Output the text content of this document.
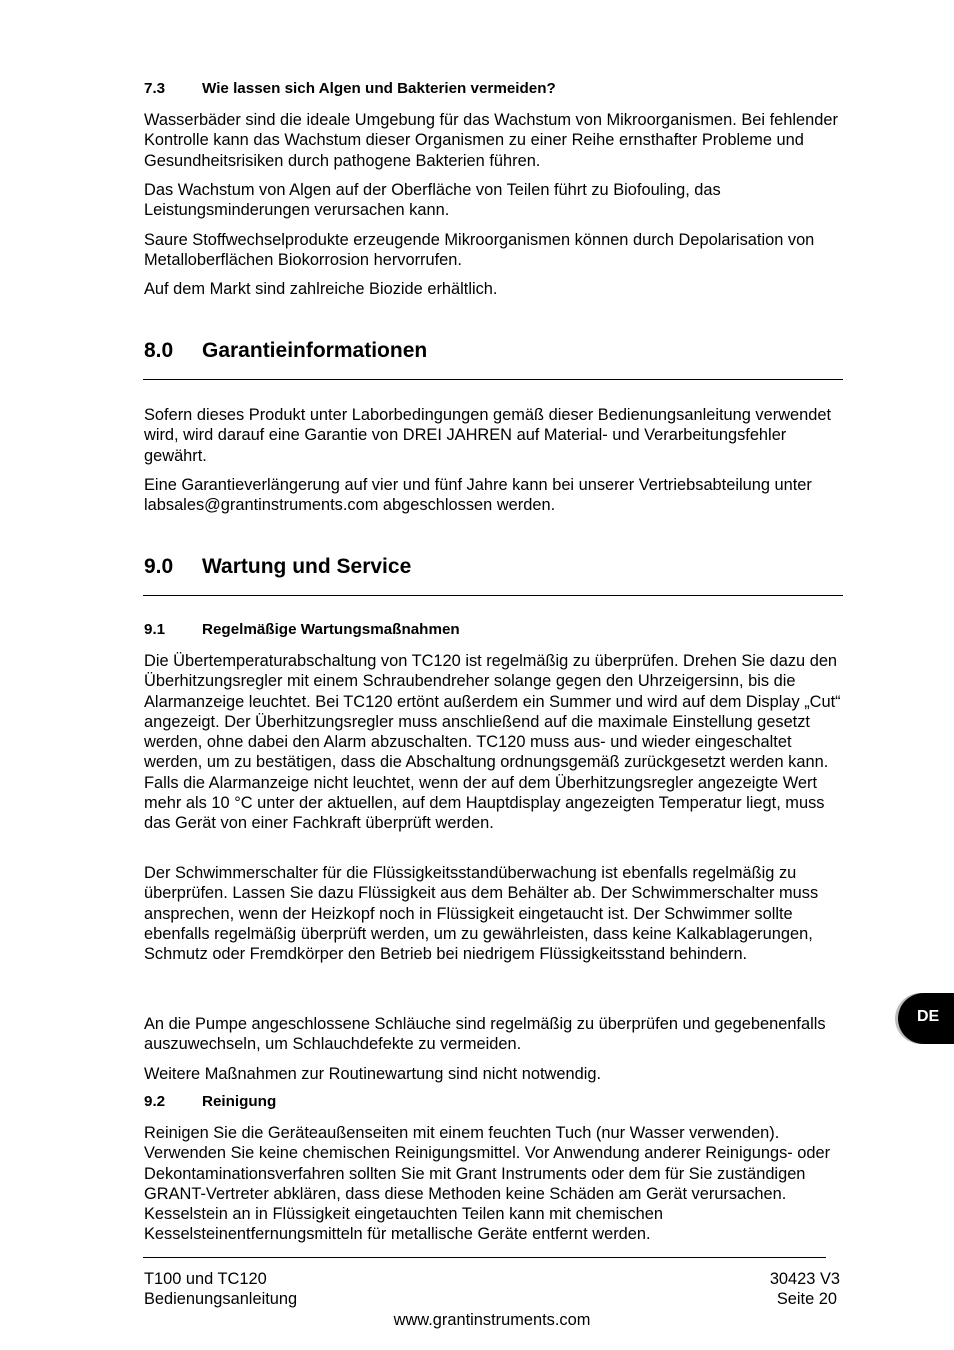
7.3 Wie lassen sich Algen und Bakterien vermeiden?

Wasserbäder sind die ideale Umgebung für das Wachstum von Mikroorganismen. Bei fehlender Kontrolle kann das Wachstum dieser Organismen zu einer Reihe ernsthafter Probleme und Gesundheitsrisiken durch pathogene Bakterien führen.

Das Wachstum von Algen auf der Oberfläche von Teilen führt zu Biofouling, das Leistungsminderungen verursachen kann.

Saure Stoffwechselprodukte erzeugende Mikroorganismen können durch Depolarisation von Metalloberflächen Biokorrosion hervorrufen.

Auf dem Markt sind zahlreiche Biozide erhältlich.

8.0 Garantieinformationen

Sofern dieses Produkt unter Laborbedingungen gemäß dieser Bedienungsanleitung verwendet wird, wird darauf eine Garantie von DREI JAHREN auf Material- und Verarbeitungsfehler gewährt.

Eine Garantieverlängerung auf vier und fünf Jahre kann bei unserer Vertriebsabteilung unter labsales@grantinstruments.com abgeschlossen werden.

9.0 Wartung und Service
9.1 Regelmäßige Wartungsmaßnahmen

Die Übertemperaturabschaltung von TC120 ist regelmäßig zu überprüfen. Drehen Sie dazu den Überhitzungsregler mit einem Schraubendreher solange gegen den Uhrzeigersinn, bis die Alarmanzeige leuchtet. Bei TC120 ertönt außerdem ein Summer und wird auf dem Display „Cut“ angezeigt. Der Überhitzungsregler muss anschließend auf die maximale Einstellung gesetzt werden, ohne dabei den Alarm abzuschalten. TC120 muss aus- und wieder eingeschaltet werden, um zu bestätigen, dass die Abschaltung ordnungsgemäß zurückgesetzt werden kann. Falls die Alarmanzeige nicht leuchtet, wenn der auf dem Überhitzungsregler angezeigte Wert mehr als 10 °C unter der aktuellen, auf dem Hauptdisplay angezeigten Temperatur liegt, muss das Gerät von einer Fachkraft überprüft werden.

Der Schwimmerschalter für die Flüssigkeitsstandüberwachung ist ebenfalls regelmäßig zu überprüfen. Lassen Sie dazu Flüssigkeit aus dem Behälter ab. Der Schwimmerschalter muss ansprechen, wenn der Heizkopf noch in Flüssigkeit eingetaucht ist. Der Schwimmer sollte ebenfalls regelmäßig überprüft werden, um zu gewährleisten, dass keine Kalkablagerungen, Schmutz oder Fremdkörper den Betrieb bei niedrigem Flüssigkeitsstand behindern.

An die Pumpe angeschlossene Schläuche sind regelmäßig zu überprüfen und gegebenenfalls auszuwechseln, um Schlauchdefekte zu vermeiden.

Weitere Maßnahmen zur Routinewartung sind nicht notwendig.

9.2 Reinigung

Reinigen Sie die Geräteaußenseiten mit einem feuchten Tuch (nur Wasser verwenden). Verwenden Sie keine chemischen Reinigungsmittel. Vor Anwendung anderer Reinigungs- oder Dekontaminationsverfahren sollten Sie mit Grant Instruments oder dem für Sie zuständigen GRANT-Vertreter abklären, dass diese Methoden keine Schäden am Gerät verursachen. Kesselstein an in Flüssigkeit eingetauchten Teilen kann mit chemischen Kesselsteinentfernungsmitteln für metallische Geräte entfernt werden.

DE
T100 und TC120
Bedienungsanleitung
30423 V3
Seite 20
www.grantinstruments.com
